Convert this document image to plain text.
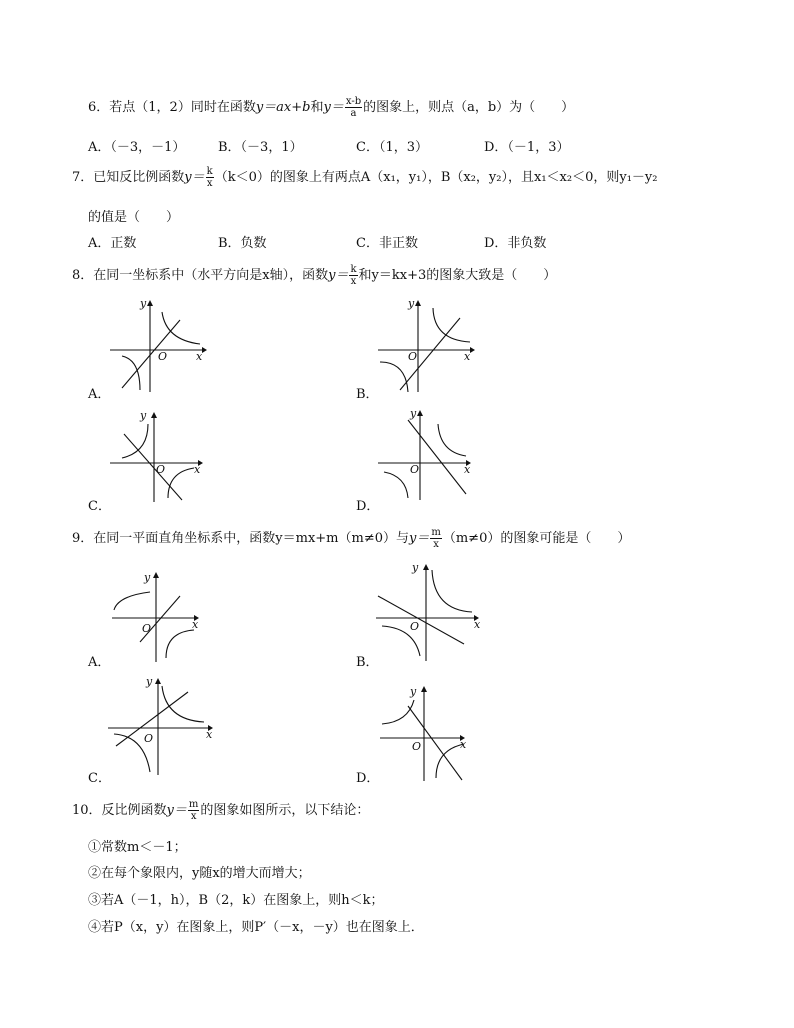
6．若点（1，2）同时在函数y＝ax+b和$y= \frac{x-b}{a}$ 的图象上，则点（a，b）为（　　）
A．（－3，－1）	B．（－3，1）	C．（1，3）	D．（－1，3）
7．已知反比例函数$y= \frac{k}{x} (k<0)$的图象上有两点A（x₁，y₁），B（x₂，y₂），且x₁＜x₂＜0，则y₁－y₂
的值是（　　）
A．正数	B．负数	C．非正数	D．非负数
8．在同一坐标系中（水平方向是x轴），函数$y= \frac{k}{x}$ 和y＝kx+3的图象大致是（　　）
y
x
O
A．
y
x
O
B．
y
x
O
C．
y
x
O
D．
9．在同一平面直角坐标系中，函数y＝mx+m（m≠0）与$y= \frac{m}{x} (m\ne 0)$的图象可能是（　　）
y
x
O
A．
y
x
O
B．
y
x
O
C．
y
x
O
D．
10．反比例函数$y= \frac{m}{x}$ 的图象如图所示，以下结论：
①常数m＜－1；
②在每个象限内，y随x的增大而增大；
③若A（－1，h），B（2，k）在图象上，则h＜k；
④若P（x，y）在图象上，则P′（－x，－y）也在图象上．
